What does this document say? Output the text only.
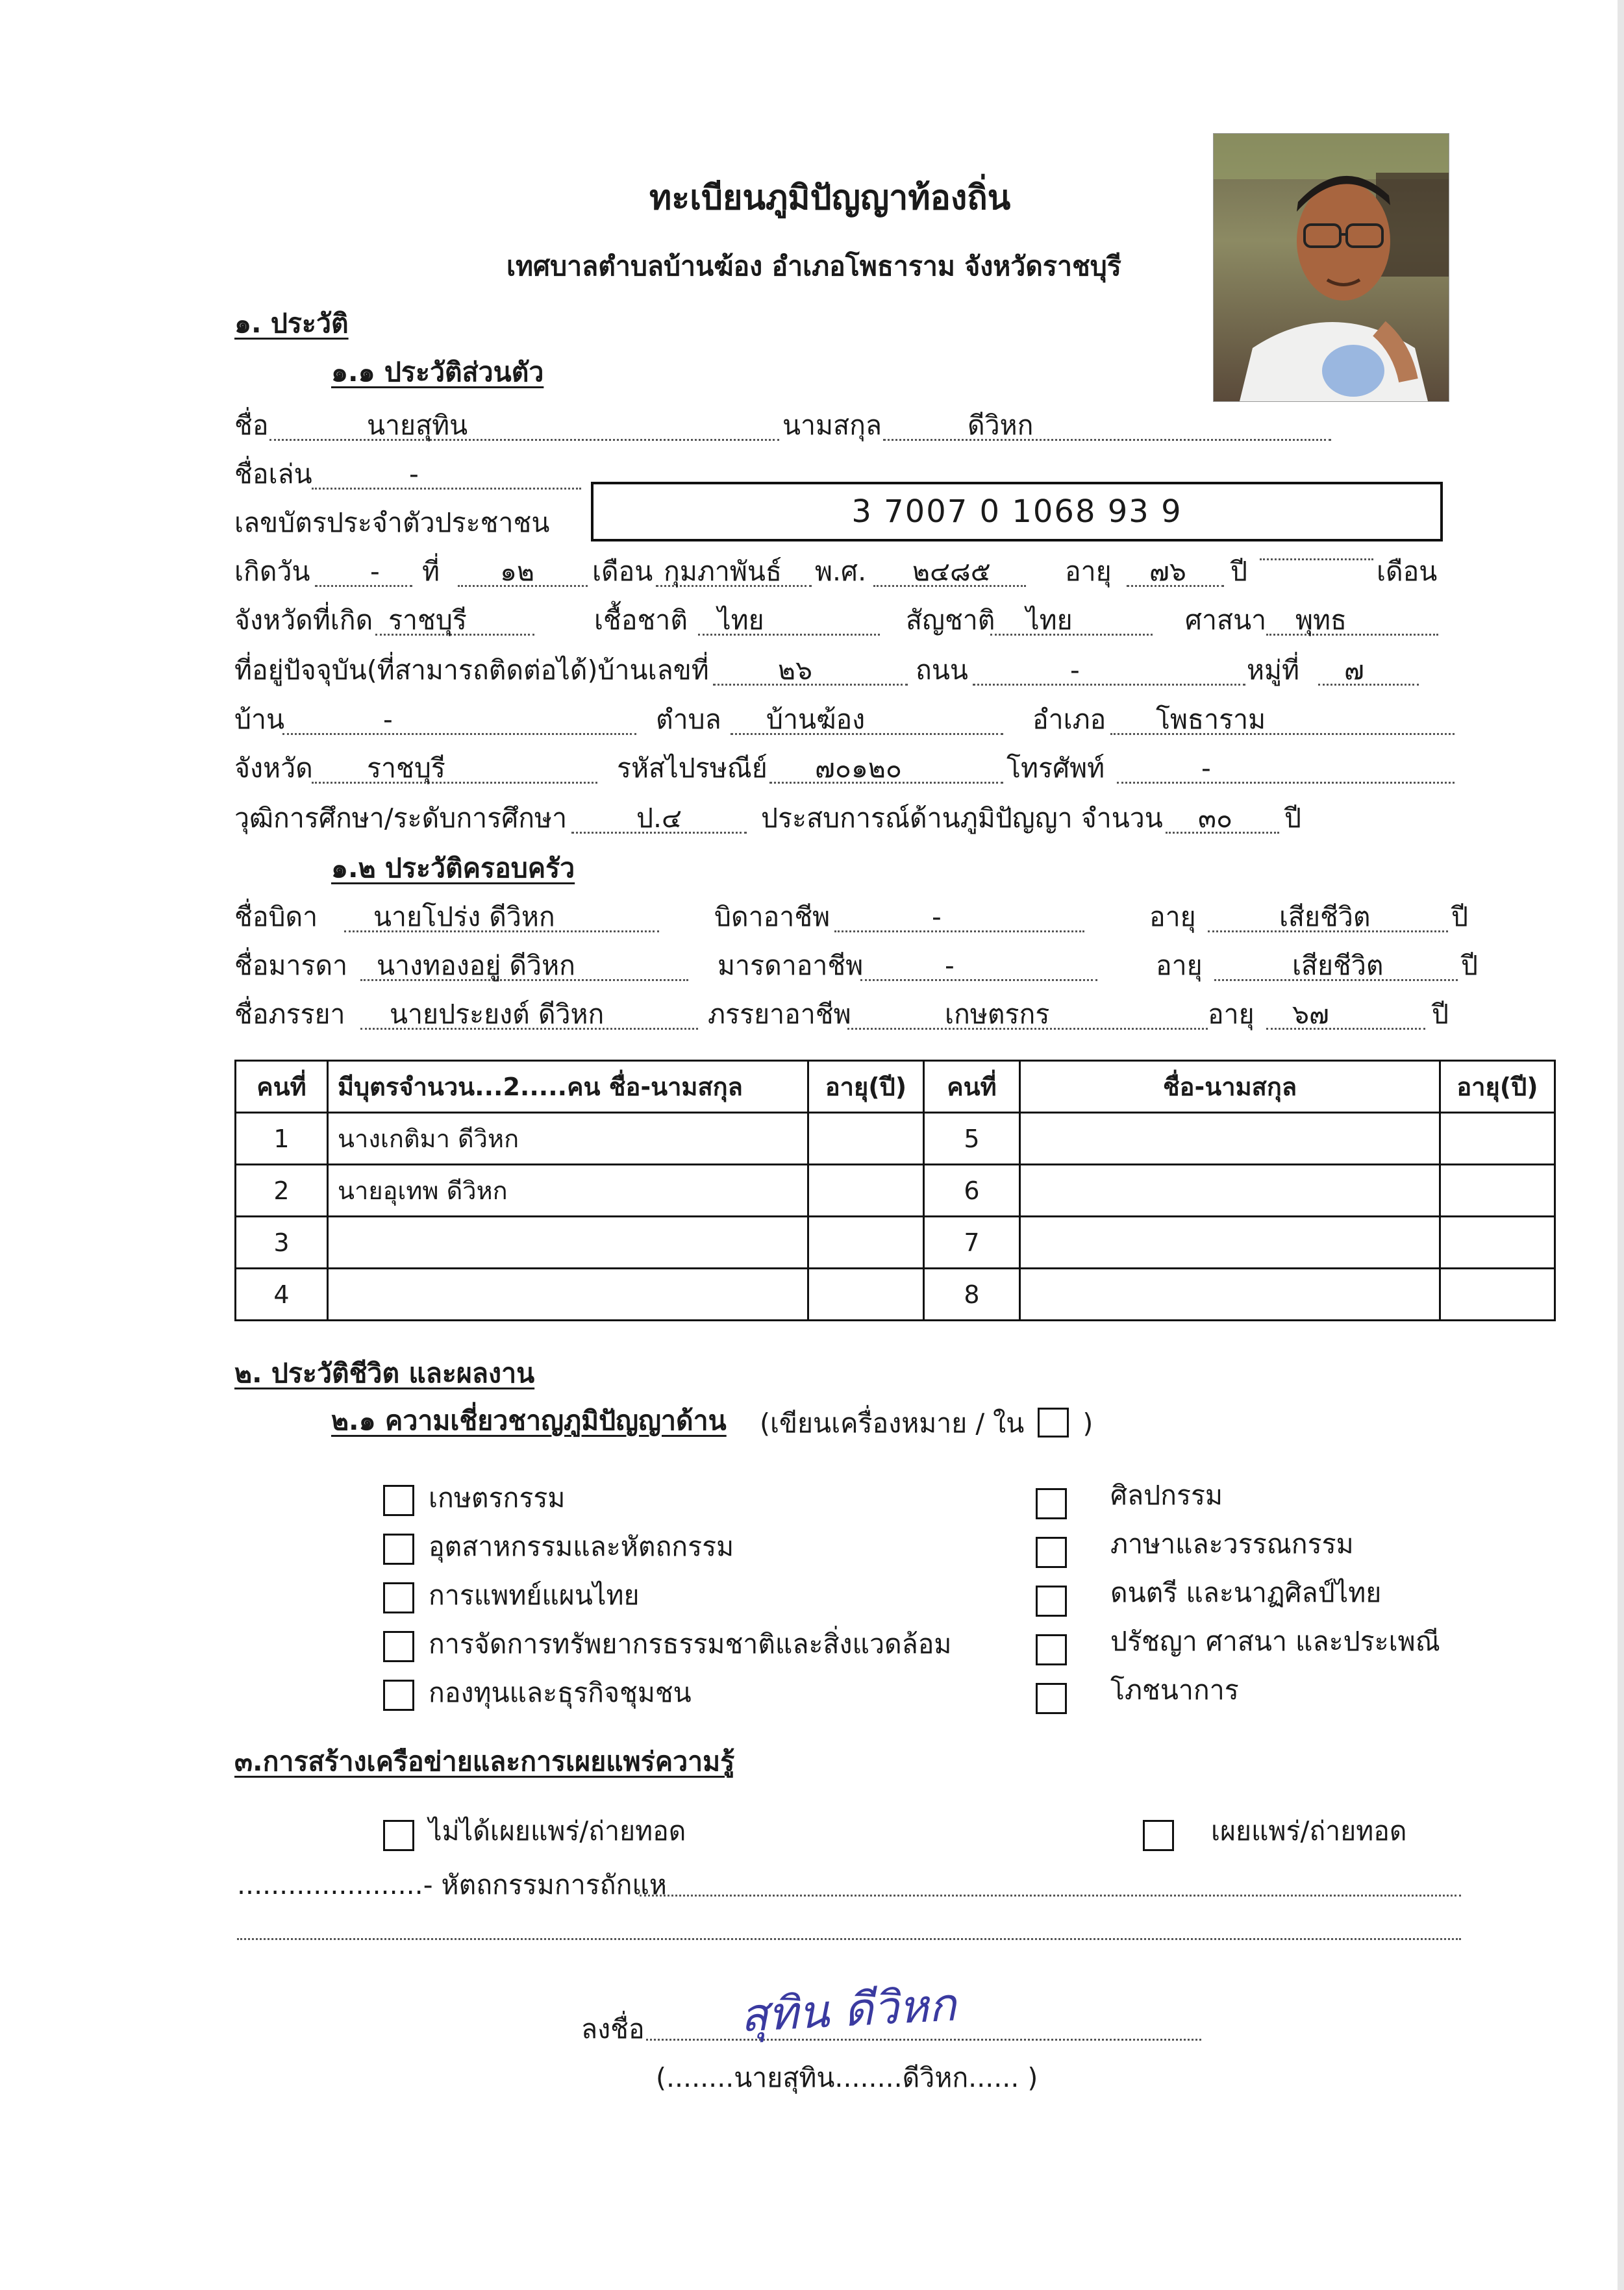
ทะเบียนภูมิปัญญาท้องถิ่น
เทศบาลตำบลบ้านฆ้อง อำเภอโพธาราม จังหวัดราชบุรี
๑. ประวัติ
๑.๑ ประวัติส่วนตัว
ชื่อ	นายสุทิน	นามสกุล	ดีวิหก
ชื่อเล่น	-
เลขบัตรประจำตัวประชาชน	3 7007 0 1068 93 9
เกิดวัน	-	ที่	๑๒	เดือน กุมภาพันธ์	พ.ศ.	๒๔๘๕	อายุ	๗๖	ปี	เดือน
จังหวัดที่เกิด ราชบุรี	เชื้อชาติ	ไทย	สัญชาติ	ไทย	ศาสนา	พุทธ
ที่อยู่ปัจจุบัน(ที่สามารถติดต่อได้)บ้านเลขที่	๒๖	ถนน	-	หมู่ที่	๗
บ้าน	-	ตำบล	บ้านฆ้อง	อำเภอ	โพธาราม
จังหวัด	ราชบุรี	รหัสไปรษณีย์	๗๐๑๒๐	โทรศัพท์	-
วุฒิการศึกษา/ระดับการศึกษา	ป.๔	ประสบการณ์ด้านภูมิปัญญา จำนวน	๓๐	ปี
๑.๒ ประวัติครอบครัว
ชื่อบิดา	นายโปร่ง ดีวิหก	บิดาอาชีพ	-	อายุ	เสียชีวิต	ปี
ชื่อมารดา	นางทองอยู่ ดีวิหก	มารดาอาชีพ	-	อายุ	เสียชีวิต	ปี
ชื่อภรรยา	นายประยงต์ ดีวิหก	ภรรยาอาชีพ	เกษตรกร	อายุ	๖๗	ปี
คนที่	มีบุตรจำนวน...2.....คน ชื่อ-นามสกุล	อายุ(ปี)	คนที่	ชื่อ-นามสกุล	อายุ(ปี)
1	นางเกติมา ดีวิหก		5		
2	นายอุเทพ ดีวิหก		6		
3			7		
4			8		
๒. ประวัติชีวิต และผลงาน
๒.๑ ความเชี่ยวชาญภูมิปัญญาด้าน (เขียนเครื่องหมาย / ใน )
เกษตรกรรม
อุตสาหกรรมและหัตถกรรม
การแพทย์แผนไทย
การจัดการทรัพยากรธรรมชาติและสิ่งแวดล้อม
กองทุนและธุรกิจชุมชน
ศิลปกรรม
ภาษาและวรรณกรรม
ดนตรี และนาฏศิลป์ไทย
ปรัชญา ศาสนา และประเพณี
โภชนาการ
๓.การสร้างเครือข่ายและการเผยแพร่ความรู้
ไม่ได้เผยแพร่/ถ่ายทอด	เผยแพร่/ถ่ายทอด
......................- หัตถกรรมการถักแห
ลงชื่อ สุทิน ดีวิหก
(........นายสุทิน........ดีวิหก...... )
